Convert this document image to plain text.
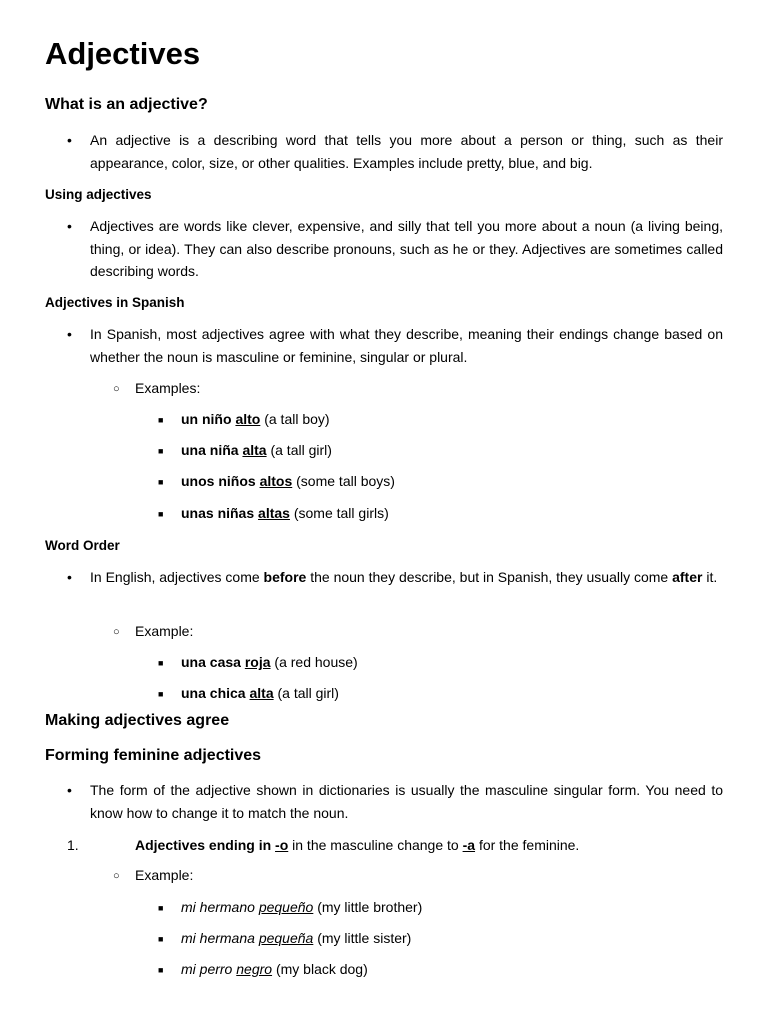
Adjectives
What is an adjective?
• An adjective is a describing word that tells you more about a person or thing, such as their appearance, color, size, or other qualities. Examples include pretty, blue, and big.

Using adjectives
• Adjectives are words like clever, expensive, and silly that tell you more about a noun (a living being, thing, or idea). They can also describe pronouns, such as he or they. Adjectives are sometimes called describing words.

Adjectives in Spanish
• In Spanish, most adjectives agree with what they describe, meaning their endings change based on whether the noun is masculine or feminine, singular or plural.

○ Examples:

■ un niño alto (a tall boy)

■ una niña alta (a tall girl)

■ unos niños altos (some tall boys)

■ unas niñas altas (some tall girls)

Word Order
• In English, adjectives come before the noun they describe, but in Spanish, they usually come after it.

○ Example:

■ una casa roja (a red house)

■ una chica alta (a tall girl)

Making adjectives agree
Forming feminine adjectives
• The form of the adjective shown in dictionaries is usually the masculine singular form. You need to know how to change it to match the noun.

1.	Adjectives ending in -o in the masculine change to -a for the feminine.

○ Example:

■ mi hermano pequeño (my little brother)

■ mi hermana pequeña (my little sister)

■ mi perro negro (my black dog)
